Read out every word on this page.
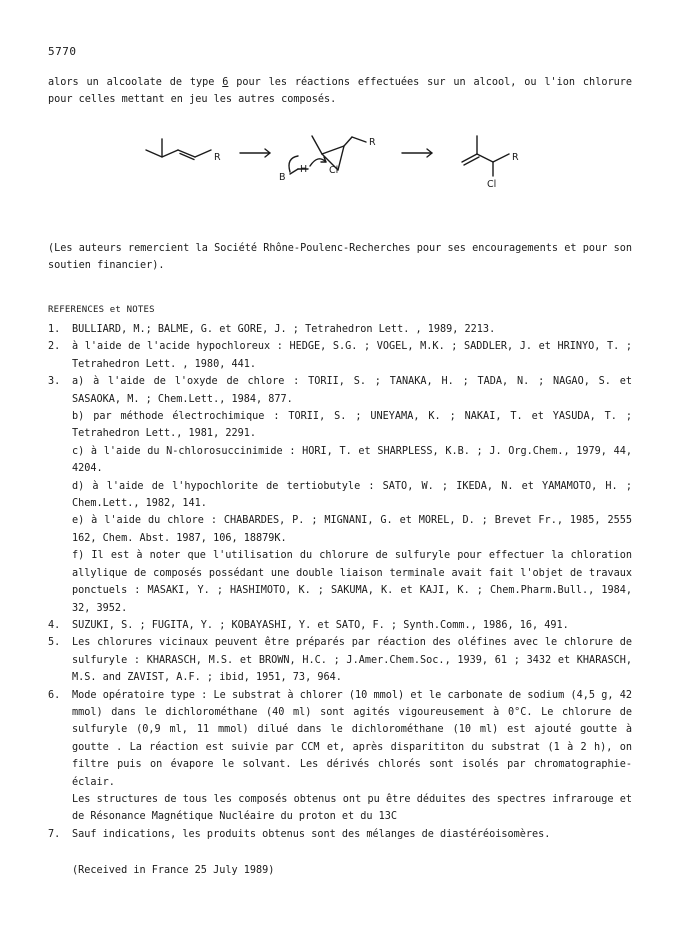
5770
alors un alcoolate de type 6 pour les réactions effectuées sur un alcool, ou l'ion chlorure pour celles mettant en jeu les autres composés.
R
R
R
B
H Cl
Cl
(Les auteurs remercient la Société Rhône-Poulenc-Recherches pour ses encouragements et pour son soutien financier).
REFERENCES et NOTES
1.	BULLIARD, M.; BALME, G. et GORE, J. ; Tetrahedron Lett. , 1989, 2213.

2.	à l'aide de l'acide hypochloreux : HEDGE, S.G. ; VOGEL, M.K. ; SADDLER, J. et HRINYO, T. ; Tetrahedron Lett. , 1980, 441.

3.	a) à l'aide de l'oxyde de chlore : TORII, S. ; TANAKA, H. ; TADA, N. ; NAGAO, S. et SASAOKA, M. ; Chem.Lett., 1984, 877.

b) par méthode électrochimique : TORII, S. ; UNEYAMA, K. ; NAKAI, T. et YASUDA, T. ; Tetrahedron Lett., 1981, 2291.

c) à l'aide du N-chlorosuccinimide : HORI, T. et SHARPLESS, K.B. ; J. Org.Chem., 1979, 44, 4204.

d) à l'aide de l'hypochlorite de tertiobutyle : SATO, W. ; IKEDA, N. et YAMAMOTO, H. ; Chem.Lett., 1982, 141.

e) à l'aide du chlore : CHABARDES, P. ; MIGNANI, G. et MOREL, D. ; Brevet Fr., 1985, 2555 162, Chem. Abst. 1987, 106, 18879K.

f) Il est à noter que l'utilisation du chlorure de sulfuryle pour effectuer la chloration allylique de composés possédant une double liaison terminale avait fait l'objet de travaux ponctuels : MASAKI, Y. ; HASHIMOTO, K. ; SAKUMA, K. et KAJI, K. ; Chem.Pharm.Bull., 1984, 32, 3952.

4.	SUZUKI, S. ; FUGITA, Y. ; KOBAYASHI, Y. et SATO, F. ; Synth.Comm., 1986, 16, 491.

5.	Les chlorures vicinaux peuvent être préparés par réaction des oléfines avec le chlorure de sulfuryle : KHARASCH, M.S. et BROWN, H.C. ; J.Amer.Chem.Soc., 1939, 61 ; 3432 et KHARASCH, M.S. and ZAVIST, A.F. ; ibid, 1951, 73, 964.

6.	Mode opératoire type : Le substrat à chlorer (10 mmol) et le carbonate de sodium (4,5 g, 42 mmol) dans le dichlorométhane (40 ml) sont agités vigoureusement à 0°C. Le chlorure de sulfuryle (0,9 ml, 11 mmol) dilué dans le dichlorométhane (10 ml) est ajouté goutte à goutte . La réaction est suivie par CCM et, après disparititon du substrat (1 à 2 h), on filtre puis on évapore le solvant. Les dérivés chlorés sont isolés par chromatographie-éclair.

Les structures de tous les composés obtenus ont pu être déduites des spectres infrarouge et de Résonance Magnétique Nucléaire du proton et du 13C

7.	Sauf indications, les produits obtenus sont des mélanges de diastéréoisomères.

(Received in France 25 July 1989)
